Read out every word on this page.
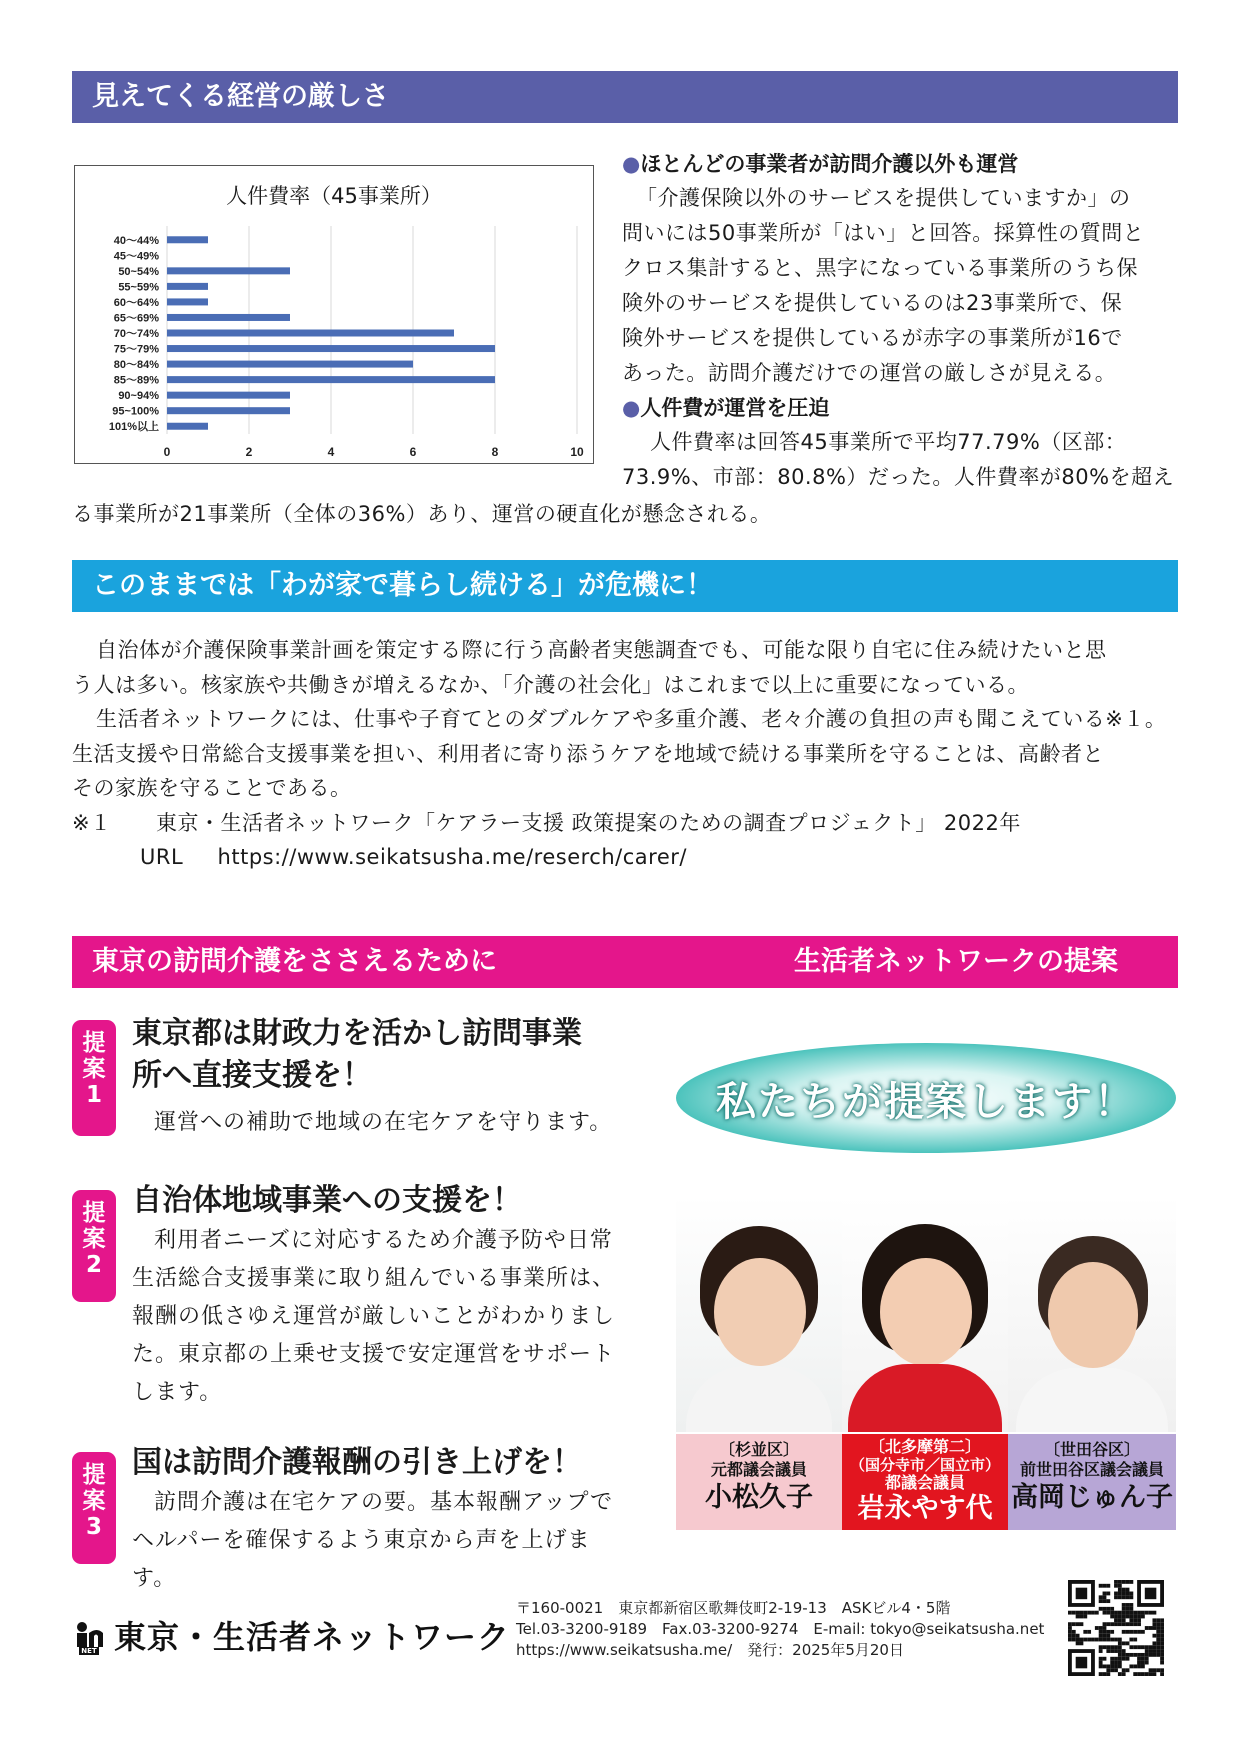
見えてくる経営の厳しさ
人件費率（45事業所）
0	2	4	6	8	10
40～44%
45～49%
50~54%
55~59%
60～64%
65～69%
70～74%
75～79%
80～84%
85～89%
90~94%
95~100%
101%以上
●ほとんどの事業者が訪問介護以外も運営
「介護保険以外のサービスを提供していますか」の
問いには50事業所が「はい」と回答。採算性の質問と
クロス集計すると、黒字になっている事業所のうち保
険外のサービスを提供しているのは23事業所で、保
険外サービスを提供しているが赤字の事業所が16で
あった。訪問介護だけでの運営の厳しさが見える。
●人件費が運営を圧迫
人件費率は回答45事業所で平均77.79%（区部：
73.9%、市部：80.8%）だった。人件費率が80%を超え
る事業所が21事業所（全体の36%）あり、運営の硬直化が懸念される。
このままでは「わが家で暮らし続ける」が危機に！
自治体が介護保険事業計画を策定する際に行う高齢者実態調査でも、可能な限り自宅に住み続けたいと思
う人は多い。核家族や共働きが増えるなか、「介護の社会化」はこれまで以上に重要になっている。
生活者ネットワークには、仕事や子育てとのダブルケアや多重介護、老々介護の負担の声も聞こえている※１。
生活支援や日常総合支援事業を担い、利用者に寄り添うケアを地域で続ける事業所を守ることは、高齢者と
その家族を守ることである。
※１ 東京・生活者ネットワーク「ケアラー支援 政策提案のための調査プロジェクト」 2022年
URL https://www.seikatsusha.me/reserch/carer/
東京の訪問介護をささえるために	生活者ネットワークの提案
提
案
1
東京都は財政力を活かし訪問事業
所へ直接支援を！
運営への補助で地域の在宅ケアを守ります。
提
案
2
自治体地域事業への支援を！
利用者ニーズに対応するため介護予防や日常
生活総合支援事業に取り組んでいる事業所は、
報酬の低さゆえ運営が厳しいことがわかりまし
た。東京都の上乗せ支援で安定運営をサポート
します。
提
案
3
国は訪問介護報酬の引き上げを！
訪問介護は在宅ケアの要。基本報酬アップで
ヘルパーを確保するよう東京から声を上げま
す。
私たちが提案します！
〔杉並区〕
元都議会議員
小松久子
〔北多摩第二〕
（国分寺市／国立市）
都議会議員
岩永やす代
〔世田谷区〕
前世田谷区議会議員
高岡じゅん子
NET 東京・生活者ネットワーク
〒160-0021　東京都新宿区歌舞伎町2-19-13　ASKビル4・5階
Tel.03-3200-9189　Fax.03-3200-9274　E-mail: tokyo@seikatsusha.net
https://www.seikatsusha.me/　発行：2025年5月20日
